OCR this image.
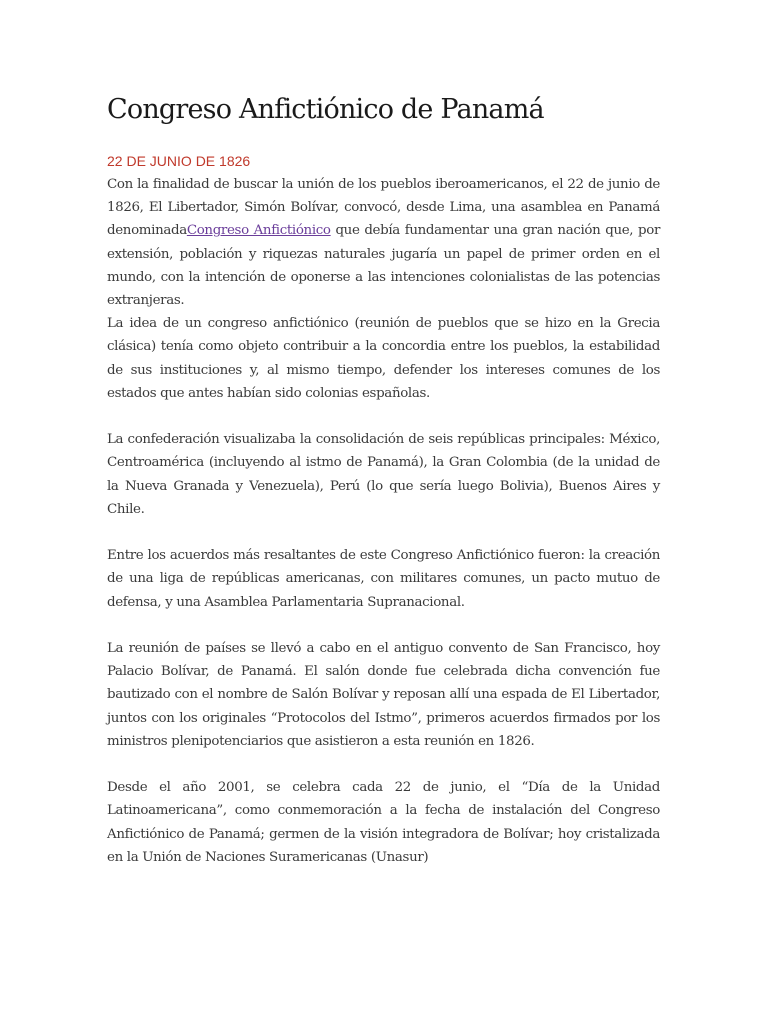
Congreso Anfictiónico de Panamá

22 DE JUNIO DE 1826

Con la finalidad de buscar la unión de los pueblos iberoamericanos, el 22 de junio de 1826, El Libertador, Simón Bolívar, convocó, desde Lima, una asamblea en Panamá denominadaCongreso Anfictiónico que debía fundamentar una gran nación que, por extensión, población y riquezas naturales jugaría un papel de primer orden en el mundo, con la intención de oponerse a las intenciones colonialistas de las potencias extranjeras.

La idea de un congreso anfictiónico (reunión de pueblos que se hizo en la Grecia clásica) tenía como objeto contribuir a la concordia entre los pueblos, la estabilidad de sus instituciones y, al mismo tiempo, defender los intereses comunes de los estados que antes habían sido colonias españolas.

La confederación visualizaba la consolidación de seis repúblicas principales: México, Centroamérica (incluyendo al istmo de Panamá), la Gran Colombia (de la unidad de la Nueva Granada y Venezuela), Perú (lo que sería luego Bolivia), Buenos Aires y Chile.

Entre los acuerdos más resaltantes de este Congreso Anfictiónico fueron: la creación de una liga de repúblicas americanas, con militares comunes, un pacto mutuo de defensa, y una Asamblea Parlamentaria Supranacional.

La reunión de países se llevó a cabo en el antiguo convento de San Francisco, hoy Palacio Bolívar, de Panamá. El salón donde fue celebrada dicha convención fue bautizado con el nombre de Salón Bolívar y reposan allí una espada de El Libertador, juntos con los originales “Protocolos del Istmo”, primeros acuerdos firmados por los ministros plenipotenciarios que asistieron a esta reunión en 1826.

Desde el año 2001, se celebra cada 22 de junio, el “Día de la Unidad Latinoamericana”, como conmemoración a la fecha de instalación del Congreso Anfictiónico de Panamá; germen de la visión integradora de Bolívar; hoy cristalizada en la Unión de Naciones Suramericanas (Unasur)
